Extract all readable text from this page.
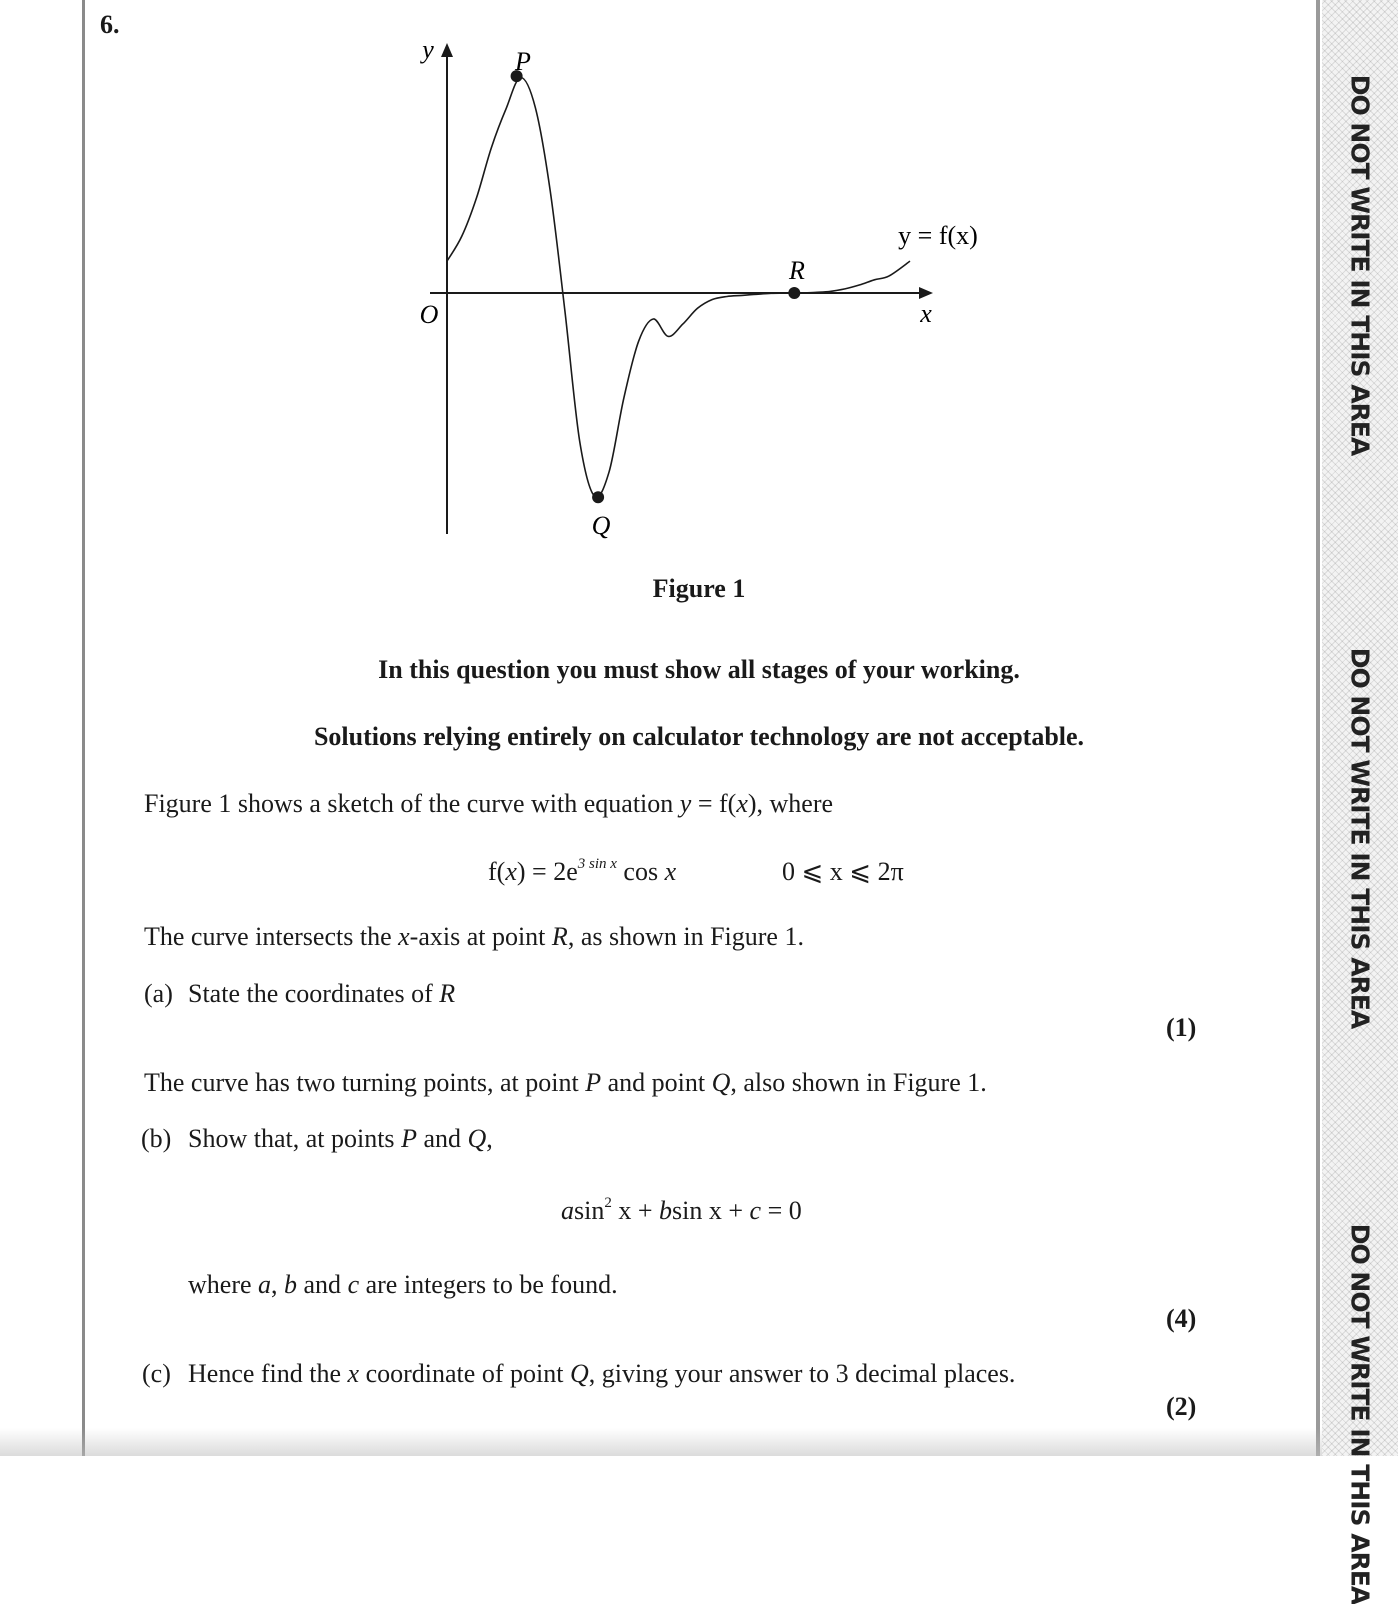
DO NOT WRITE IN THIS AREA
DO NOT WRITE IN THIS AREA
DO NOT WRITE IN THIS AREA
6.
y
x
O
P
Q
R
y = f(x)
Figure 1
In this question you must show all stages of your working.
Solutions relying entirely on calculator technology are not acceptable.
Figure 1 shows a sketch of the curve with equation y = f(x), where
$f(x) = 2e^{3 sin x}$ cos x	0 ⩽ x ⩽ 2π
The curve intersects the x-axis at point R, as shown in Figure 1.
(a) State the coordinates of R
(1)
The curve has two turning points, at point P and point Q, also shown in Figure 1.
(b) Show that, at points P and Q,
asin$^2$ x + bsin x + c = 0
where a, b and c are integers to be found.
(4)
(c) Hence find the x coordinate of point Q, giving your answer to 3 decimal places.
(2)
